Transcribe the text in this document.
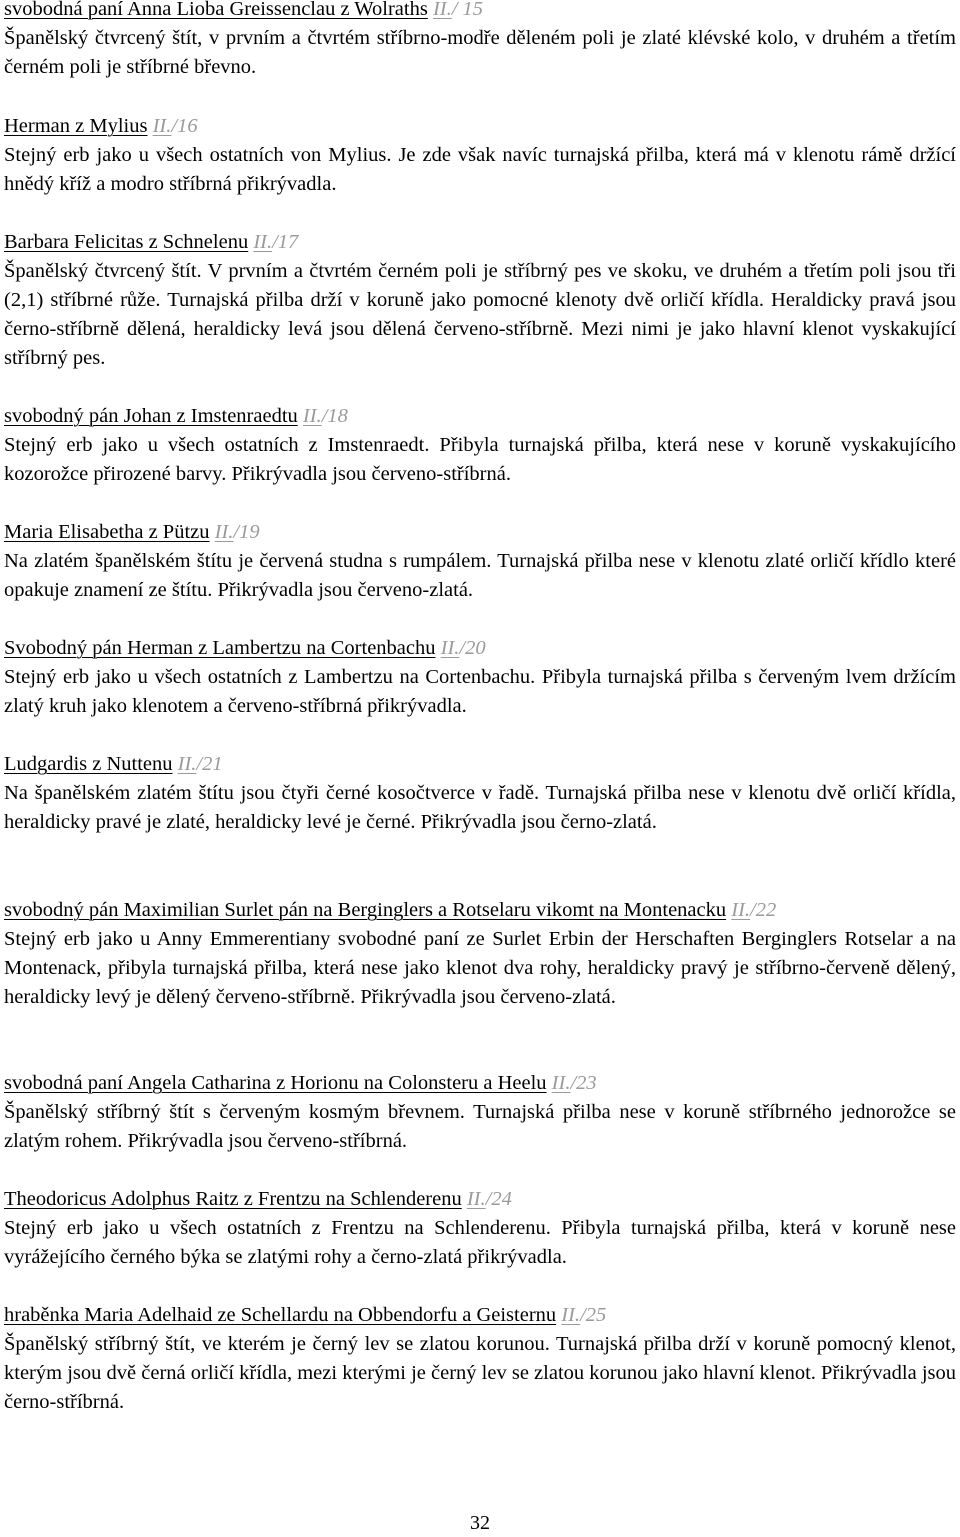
svobodná paní Anna Lioba Greissenclau z Wolraths II./ 15

Španělský čtvrcený štít, v prvním a čtvrtém stříbrno-modře děleném poli je zlaté klévské kolo, v druhém a třetím černém poli je stříbrné břevno.

Herman z Mylius II./16

Stejný erb jako u všech ostatních von Mylius. Je zde však navíc turnajská přilba, která má v klenotu rámě držící hnědý kříž a modro stříbrná přikrývadla.

Barbara Felicitas z Schnelenu II./17

Španělský čtvrcený štít. V prvním a čtvrtém černém poli je stříbrný pes ve skoku, ve druhém a třetím poli jsou tři (2,1) stříbrné růže. Turnajská přilba drží v koruně jako pomocné klenoty dvě orličí křídla. Heraldicky pravá jsou černo-stříbrně dělená, heraldicky levá jsou dělená červeno-stříbrně. Mezi nimi je jako hlavní klenot vyskakující stříbrný pes.

svobodný pán Johan z Imstenraedtu II./18

Stejný erb jako u všech ostatních z Imstenraedt. Přibyla turnajská přilba, která nese v koruně vyskakujícího kozorožce přirozené barvy. Přikrývadla jsou červeno-stříbrná.

Maria Elisabetha z Pützu II./19

Na zlatém španělském štítu je červená studna s rumpálem. Turnajská přilba nese v klenotu zlaté orličí křídlo které opakuje znamení ze štítu. Přikrývadla jsou červeno-zlatá.

Svobodný pán Herman z Lambertzu na Cortenbachu II./20

Stejný erb jako u všech ostatních z Lambertzu na Cortenbachu. Přibyla turnajská přilba s červeným lvem držícím zlatý kruh jako klenotem a červeno-stříbrná přikrývadla.

Ludgardis z Nuttenu II./21

Na španělském zlatém štítu jsou čtyři černé kosočtverce v řadě. Turnajská přilba nese v klenotu dvě orličí křídla, heraldicky pravé je zlaté, heraldicky levé je černé. Přikrývadla jsou černo-zlatá.

svobodný pán Maximilian Surlet pán na Berginglers a Rotselaru vikomt na Montenacku II./22

Stejný erb jako u Anny Emmerentiany svobodné paní ze Surlet Erbin der Herschaften Berginglers Rotselar a na Montenack, přibyla turnajská přilba, která nese jako klenot dva rohy, heraldicky pravý je stříbrno-červeně dělený, heraldicky levý je dělený červeno-stříbrně. Přikrývadla jsou červeno-zlatá.

svobodná paní Angela Catharina z Horionu na Colonsteru a Heelu II./23

Španělský stříbrný štít s červeným kosmým břevnem. Turnajská přilba nese v koruně stříbrného jednorožce se zlatým rohem. Přikrývadla jsou červeno-stříbrná.

Theodoricus Adolphus Raitz z Frentzu na Schlenderenu II./24

Stejný erb jako u všech ostatních z Frentzu na Schlenderenu. Přibyla turnajská přilba, která v koruně nese vyrážejícího černého býka se zlatými rohy a černo-zlatá přikrývadla.

hraběnka Maria Adelhaid ze Schellardu na Obbendorfu a Geisternu II./25

Španělský stříbrný štít, ve kterém je černý lev se zlatou korunou. Turnajská přilba drží v koruně pomocný klenot, kterým jsou dvě černá orličí křídla, mezi kterými je černý lev se zlatou korunou jako hlavní klenot. Přikrývadla jsou černo-stříbrná.

32
